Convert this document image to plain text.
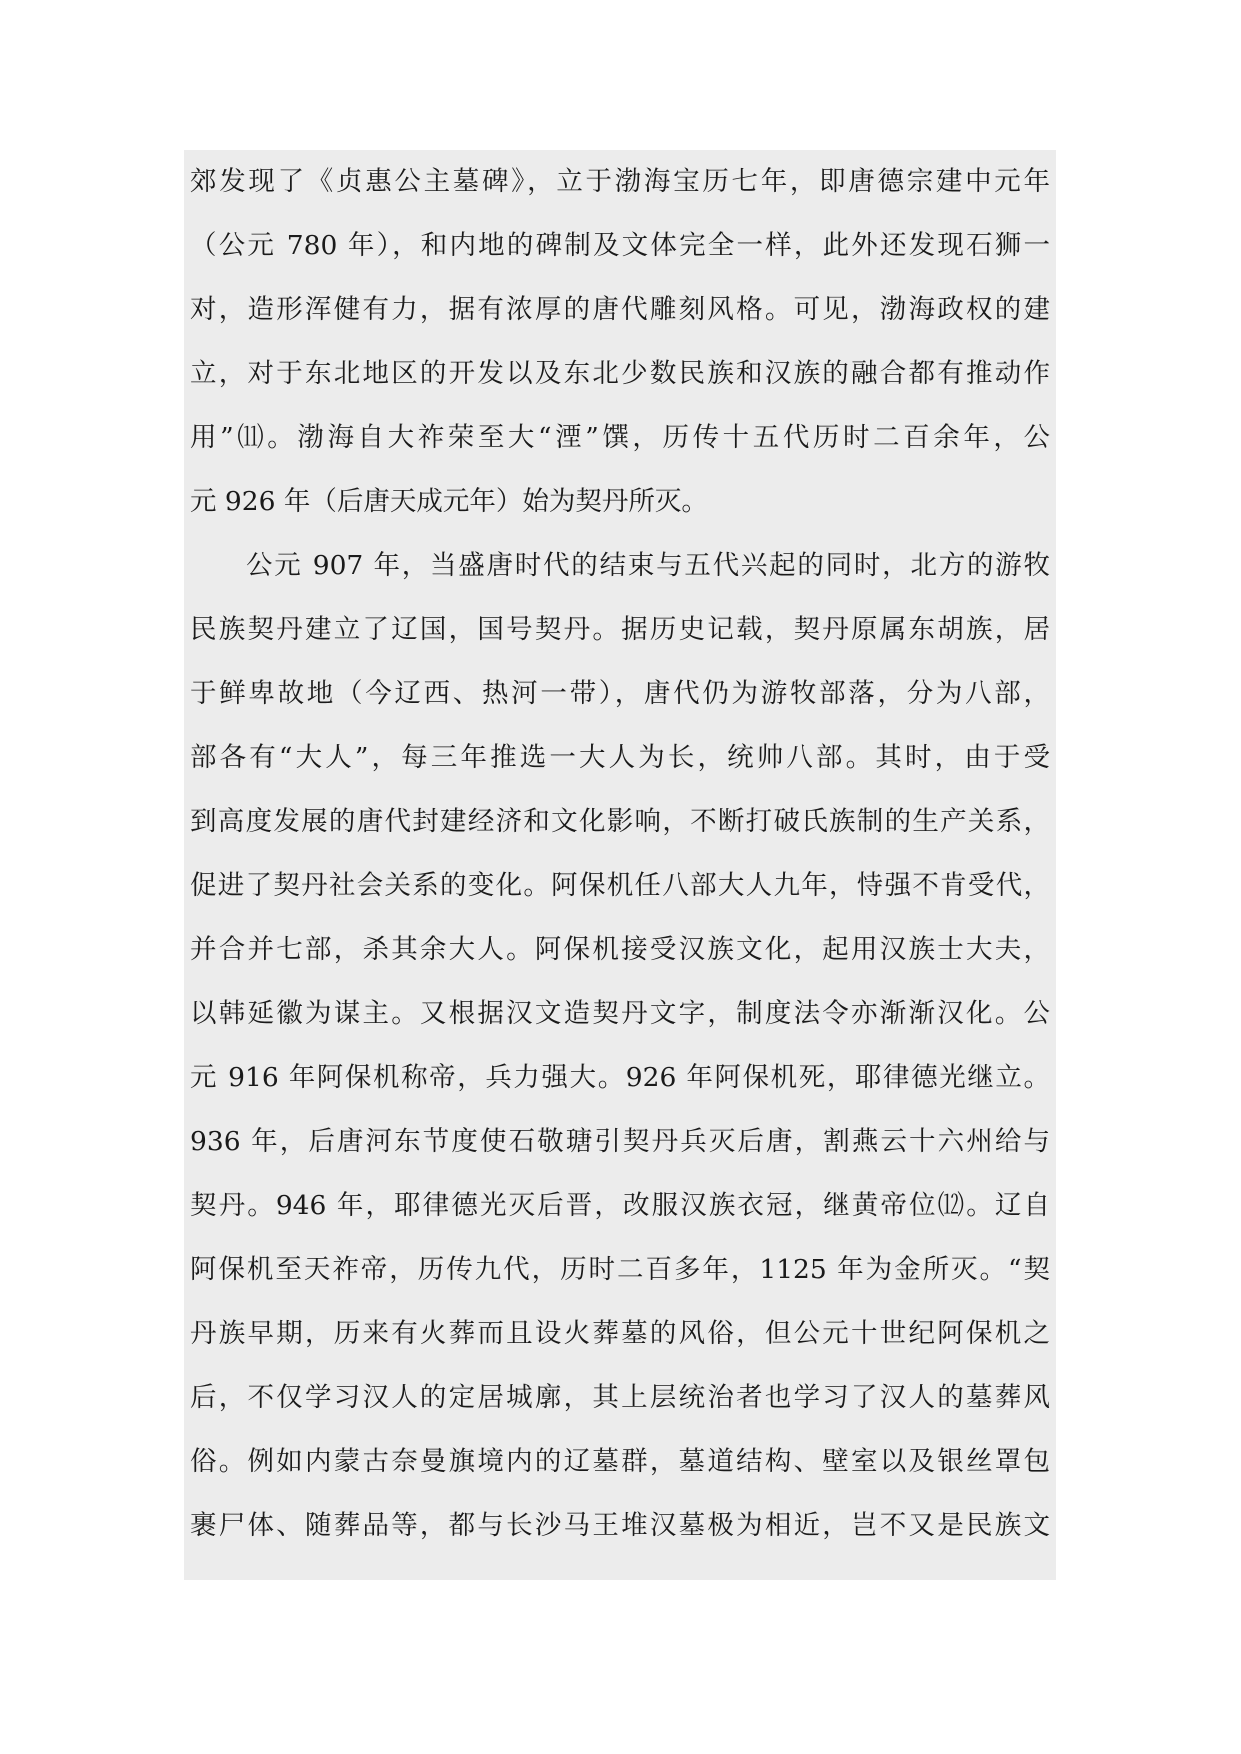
郊发现了《贞惠公主墓碑》，立于渤海宝历七年，即唐德宗建中元年
（公元 780 年），和内地的碑制及文体完全一样，此外还发现石狮一
对，造形浑健有力，据有浓厚的唐代雕刻风格。可见，渤海政权的建
立，对于东北地区的开发以及东北少数民族和汉族的融合都有推动作
用”⑾。渤海自大祚荣至大“湮”馔，历传十五代历时二百余年，公
元 926 年（后唐天成元年）始为契丹所灭。
公元 907 年，当盛唐时代的结束与五代兴起的同时，北方的游牧
民族契丹建立了辽国，国号契丹。据历史记载，契丹原属东胡族，居
于鲜卑故地（今辽西、热河一带），唐代仍为游牧部落，分为八部，
部各有“大人”，每三年推选一大人为长，统帅八部。其时，由于受
到高度发展的唐代封建经济和文化影响，不断打破氏族制的生产关系，
促进了契丹社会关系的变化。阿保机任八部大人九年，恃强不肯受代，
并合并七部，杀其余大人。阿保机接受汉族文化，起用汉族士大夫，
以韩延徽为谋主。又根据汉文造契丹文字，制度法令亦渐渐汉化。公
元 916 年阿保机称帝，兵力强大。926 年阿保机死，耶律德光继立。
936 年，后唐河东节度使石敬瑭引契丹兵灭后唐，割燕云十六州给与
契丹。946 年，耶律德光灭后晋，改服汉族衣冠，继黄帝位⑿。辽自
阿保机至天祚帝，历传九代，历时二百多年，1125 年为金所灭。“契
丹族早期，历来有火葬而且设火葬墓的风俗，但公元十世纪阿保机之
后，不仅学习汉人的定居城廓，其上层统治者也学习了汉人的墓葬风
俗。例如内蒙古奈曼旗境内的辽墓群，墓道结构、壁室以及银丝罩包
裹尸体、随葬品等，都与长沙马王堆汉墓极为相近，岂不又是民族文
